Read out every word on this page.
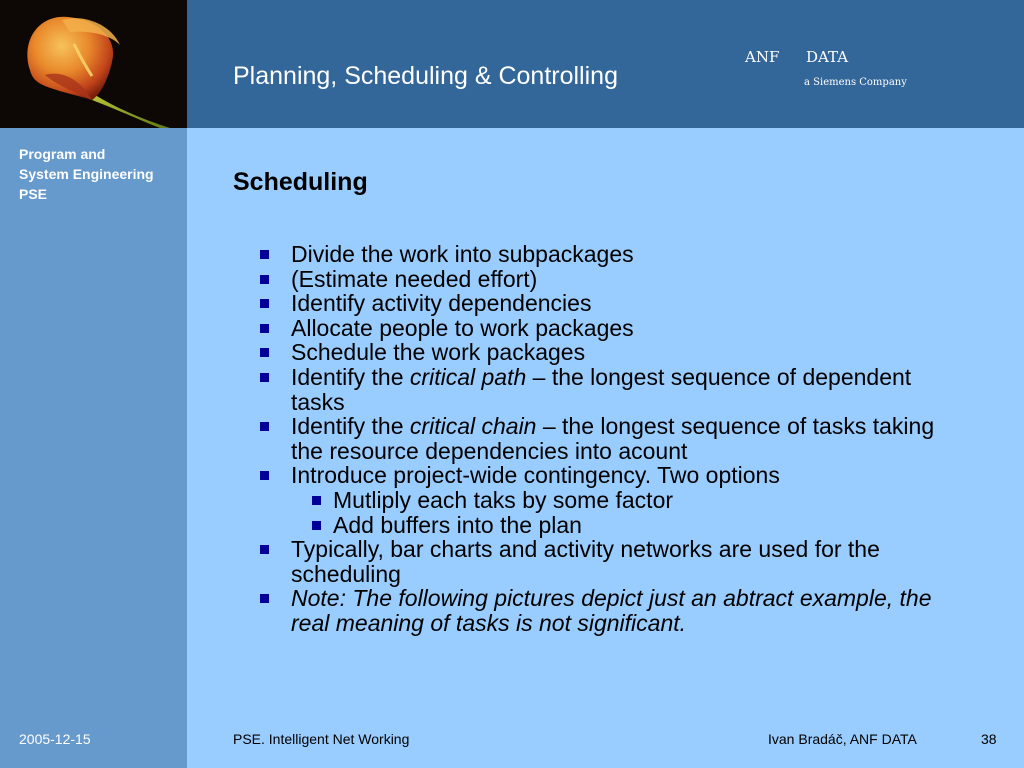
Planning, Scheduling & Controlling
ANF DATA
a Siemens Company
Program and
System Engineering
PSE	Scheduling
Divide the work into subpackages
(Estimate needed effort)
Identify activity dependencies
Allocate people to work packages
Schedule the work packages
Identify the critical path – the longest sequence of dependent tasks
Identify the critical chain – the longest sequence of tasks taking the resource dependencies into acount
Introduce project-wide contingency. Two options
Mutliply each taks by some factor
Add buffers into the plan
Typically, bar charts and activity networks are used for the scheduling
Note: The following pictures depict just an abtract example, the real meaning of tasks is not significant.
2005-12-15	PSE. Intelligent Net Working	Ivan Bradáč, ANF DATA	38
